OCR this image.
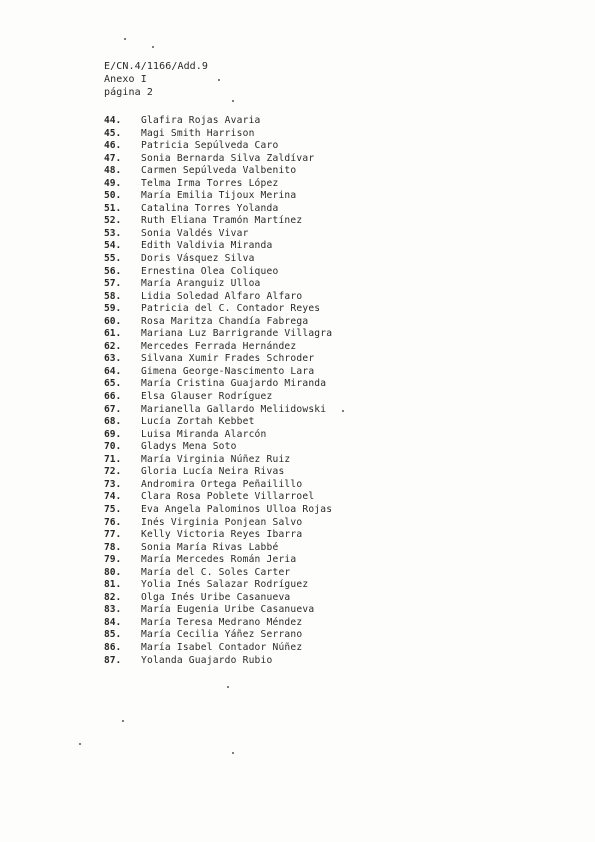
E/CN.4/1166/Add.9
Anexo I
página 2
44.	Glafira Rojas Avaria
45.	Magi Smith Harrison
46.	Patricia Sepúlveda Caro
47.	Sonia Bernarda Silva Zaldívar
48.	Carmen Sepúlveda Valbenito
49.	Telma Irma Torres López
50.	María Emilia Tijoux Merina
51.	Catalina Torres Yolanda
52.	Ruth Eliana Tramón Martínez
53.	Sonia Valdés Vivar
54.	Edith Valdivia Miranda
55.	Doris Vásquez Silva
56.	Ernestina Olea Coliqueo
57.	María Aranguiz Ulloa
58.	Lidia Soledad Alfaro Alfaro
59.	Patricia del C. Contador Reyes
60.	Rosa Maritza Chandía Fabrega
61.	Mariana Luz Barrigrande Villagra
62.	Mercedes Ferrada Hernández
63.	Silvana Xumir Frades Schroder
64.	Gimena George-Nascimento Lara
65.	María Cristina Guajardo Miranda
66.	Elsa Glauser Rodríguez
67.	Marianella Gallardo Meliidowski
68.	Lucía Zortah Kebbet
69.	Luisa Miranda Alarcón
70.	Gladys Mena Soto
71.	María Virginia Núñez Ruiz
72.	Gloria Lucía Neira Rivas
73.	Andromira Ortega Peñailillo
74.	Clara Rosa Poblete Villarroel
75.	Eva Angela Palominos Ulloa Rojas
76.	Inés Virginia Ponjean Salvo
77.	Kelly Victoria Reyes Ibarra
78.	Sonia María Rivas Labbé
79.	María Mercedes Román Jeria
80.	María del C. Soles Carter
81.	Yolia Inés Salazar Rodríguez
82.	Olga Inés Uribe Casanueva
83.	María Eugenia Uribe Casanueva
84.	María Teresa Medrano Méndez
85.	María Cecilia Yáñez Serrano
86.	María Isabel Contador Núñez
87.	Yolanda Guajardo Rubio
